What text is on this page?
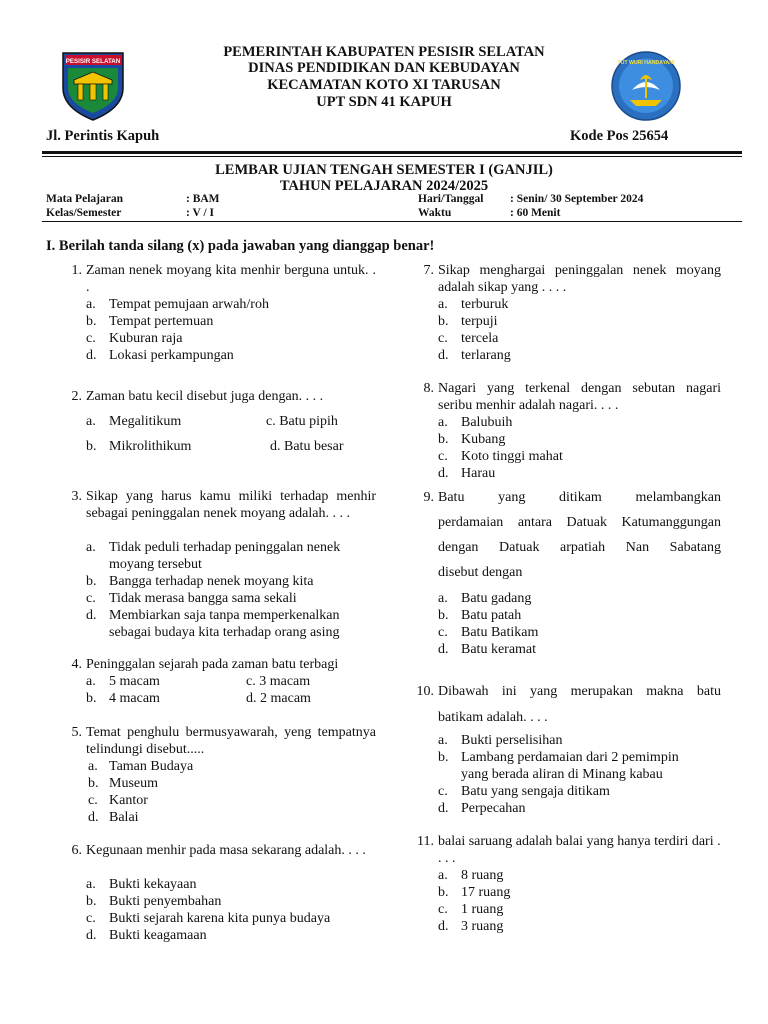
PESISIR SELATAN	TUT WURI HANDAYANI
PEMERINTAH KABUPATEN PESISIR SELATAN
DINAS PENDIDIKAN DAN KEBUDAYAN
KECAMATAN KOTO XI TARUSAN
UPT SDN 41 KAPUH
Jl. Perintis Kapuh	Kode Pos 25654
LEMBAR UJIAN TENGAH SEMESTER I (GANJIL)
TAHUN PELAJARAN 2024/2025
Mata Pelajaran	: BAM	Hari/Tanggal : Senin/ 30 September 2024
Kelas/Semester	: V / I	Waktu	: 60 Menit
I. Berilah tanda silang (x) pada jawaban yang dianggap benar!
1. Zaman nenek moyang kita menhir berguna untuk. . .
a. Tempat pemujaan arwah/roh
b. Tempat pertemuan
c. Kuburan raja
d. Lokasi perkampungan
2. Zaman batu kecil disebut juga dengan. . . .
a. Megalitikum	c. Batu pipih
b. Mikrolithikum	d. Batu besar
3. Sikap yang harus kamu miliki terhadap menhir sebagai peninggalan nenek moyang adalah. . . .
a. Tidak peduli terhadap peninggalan nenek
moyang tersebut
b. Bangga terhadap nenek moyang kita
c. Tidak merasa bangga sama sekali
d. Membiarkan saja tanpa memperkenalkan
sebagai budaya kita terhadap orang asing
4. Peninggalan sejarah pada zaman batu terbagi
a. 5 macam	c. 3 macam
b. 4 macam	d. 2 macam
5. Temat penghulu bermusyawarah, yeng tempatnya telindungi disebut.....
a. Taman Budaya
b. Museum
c. Kantor
d. Balai
6. Kegunaan menhir pada masa sekarang adalah. . . .
a. Bukti kekayaan
b. Bukti penyembahan
c. Bukti sejarah karena kita punya budaya
d. Bukti keagamaan
7. Sikap menghargai peninggalan nenek moyang adalah sikap yang . . . .
a. terburuk
b. terpuji
c. tercela
d. terlarang
8. Nagari yang terkenal dengan sebutan nagari seribu menhir adalah nagari. . . .
a. Balubuih
b. Kubang
c. Koto tinggi mahat
d. Harau
9. Batu yang ditikam melambangkan
perdamaian antara Datuak Katumanggungan
dengan Datuak arpatiah Nan Sabatang
disebut dengan
a. Batu gadang
b. Batu patah
c. Batu Batikam
d. Batu keramat
10. Dibawah ini yang merupakan makna batu
batikam adalah. . . .
a. Bukti perselisihan
b. Lambang perdamaian dari 2 pemimpin
yang berada aliran di Minang kabau
c. Batu yang sengaja ditikam
d. Perpecahan
11. balai saruang adalah balai yang hanya terdiri dari . . . .
a. 8 ruang
b. 17 ruang
c. 1 ruang
d. 3 ruang
